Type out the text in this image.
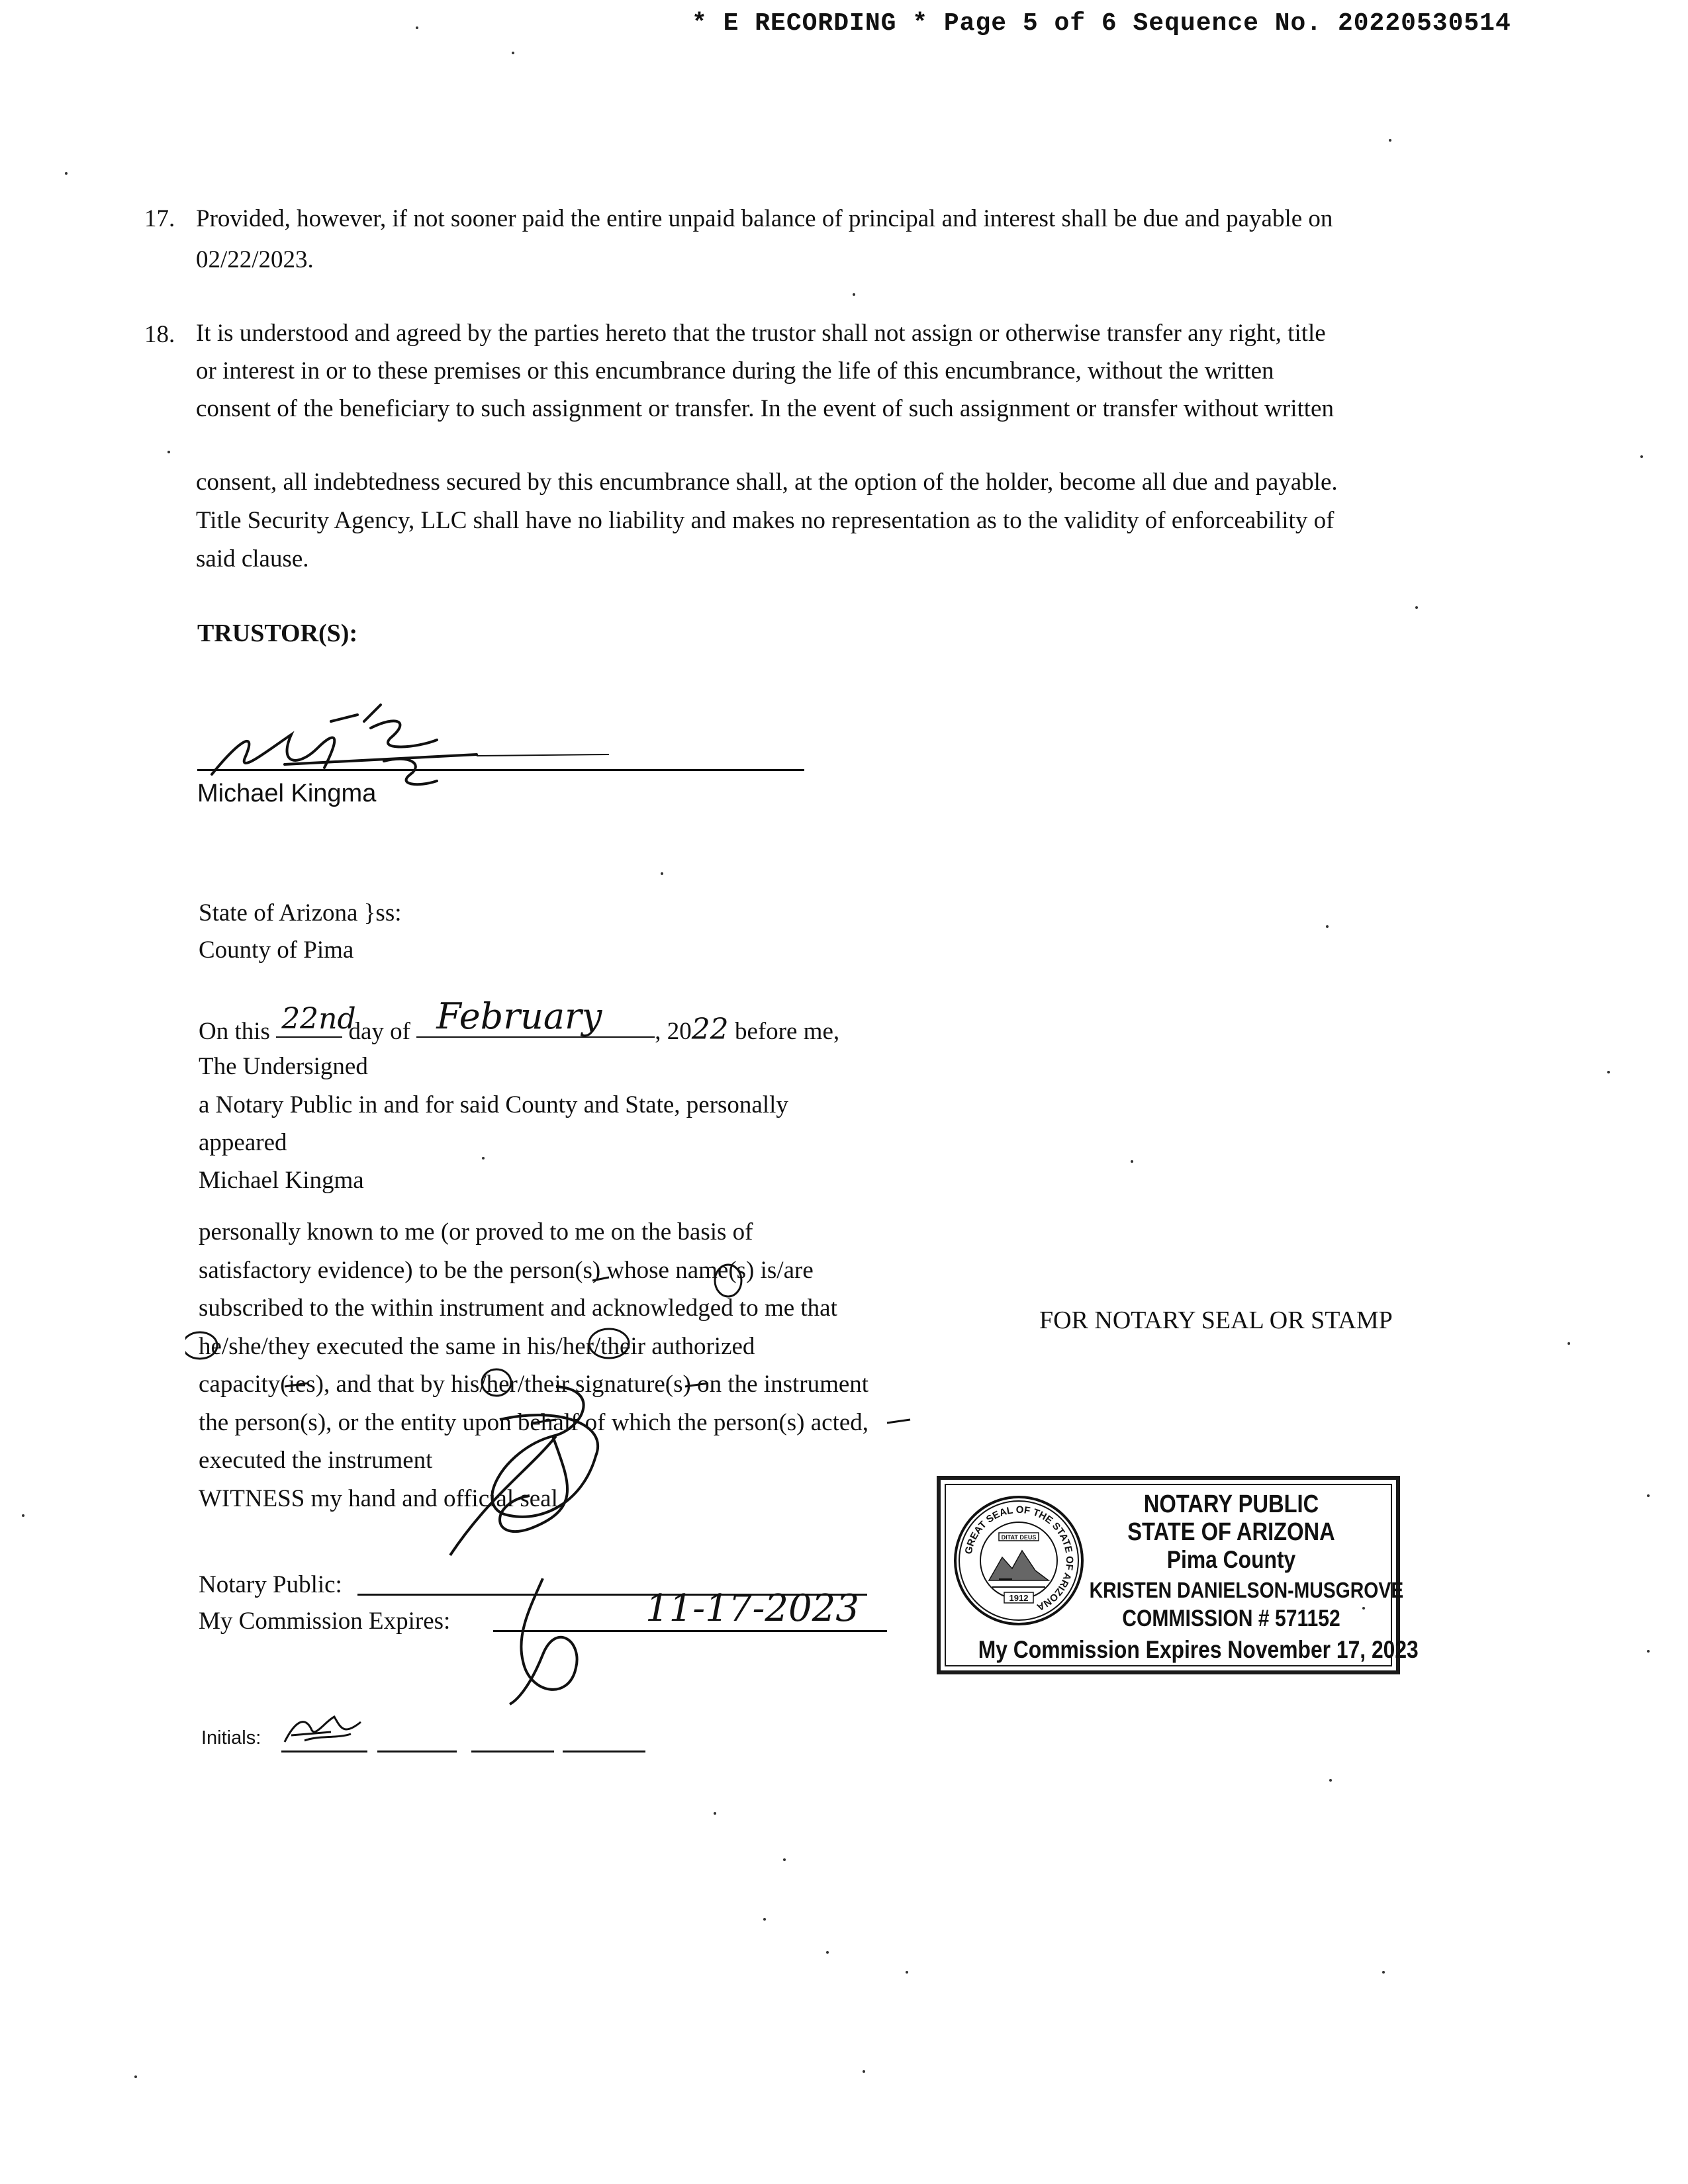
* E RECORDING * Page 5 of 6 Sequence No. 20220530514
17. Provided, however, if not sooner paid the entire unpaid balance of principal and interest shall be due and payable on
02/22/2023.
18. It is understood and agreed by the parties hereto that the trustor shall not assign or otherwise transfer any right, title
or interest in or to these premises or this encumbrance during the life of this encumbrance, without the written
consent of the beneficiary to such assignment or transfer. In the event of such assignment or transfer without written
consent, all indebtedness secured by this encumbrance shall, at the option of the holder, become all due and payable.
Title Security Agency, LLC shall have no liability and makes no representation as to the validity of enforceability of
said clause.
TRUSTOR(S):
Michael Kingma
State of Arizona }ss:
County of Pima
On this 22nd
day of February , 2022 before me,
The Undersigned
a Notary Public in and for said County and State, personally
appeared
Michael Kingma
personally known to me (or proved to me on the basis of
satisfactory evidence) to be the person(s) whose name(s) is/are
subscribed to the within instrument and acknowledged to me that
he/she/they executed the same in his/her/their authorized
capacity(ies), and that by his/her/their signature(s) on the instrument
the person(s), or the entity upon behalf of which the person(s) acted,
executed the instrument
WITNESS my hand and official seal.
Notary Public:
My Commission Expires:	11-17-2023
Initials:
FOR NOTARY SEAL OR STAMP
GREAT SEAL OF THE STATE OF ARIZONA
DITAT DEUS
1912
NOTARY PUBLIC
STATE OF ARIZONA
Pima County
KRISTEN DANIELSON-MUSGROVE
COMMISSION # 571152
My Commission Expires November 17, 2023
